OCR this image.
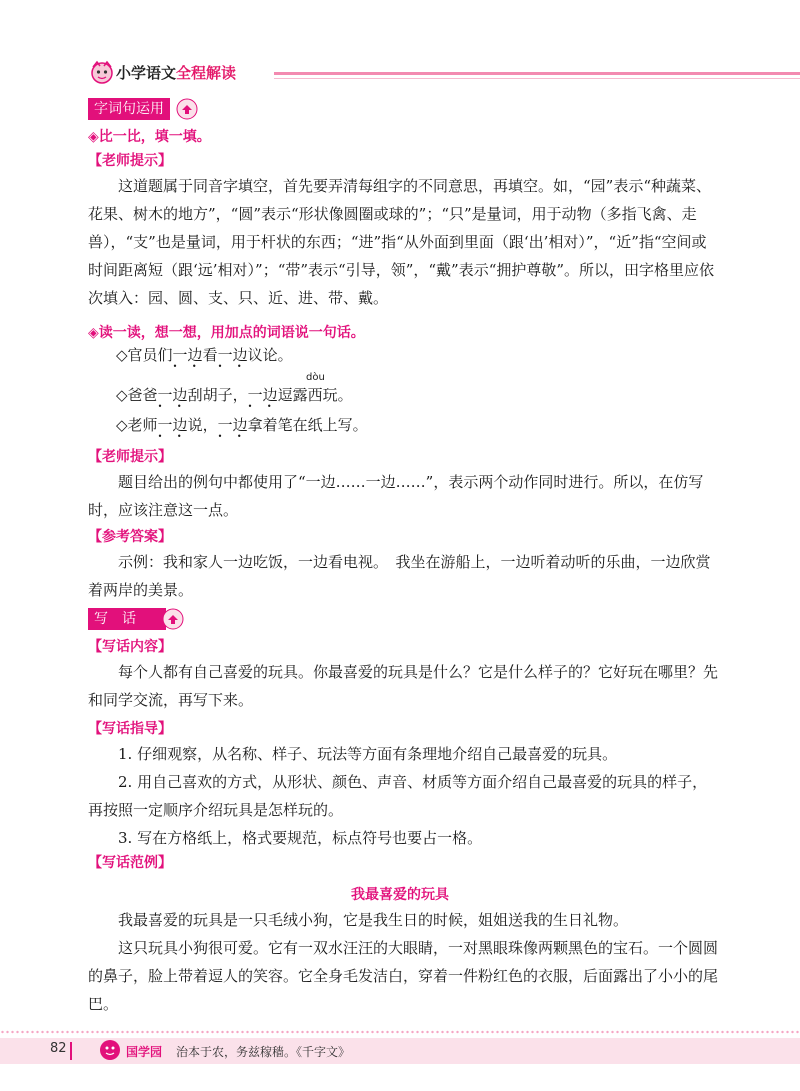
小学语文全程解读
字词句运用
◈比一比，填一填。
【老师提示】

这道题属于同音字填空，首先要弄清每组字的不同意思，再填空。如，“园”表示“种蔬菜、花果、树木的地方”，“圆”表示“形状像圆圈或球的”；“只”是量词，用于动物（多指飞禽、走兽），“支”也是量词，用于杆状的东西；“进”指“从外面到里面（跟‘出’相对）”，“近”指“空间或时间距离短（跟‘远’相对）”；“带”表示“引导，领”，“戴”表示“拥护尊敬”。所以，田字格里应依次填入：园、圆、支、只、近、进、带、戴。

◈读一读，想一想，用加点的词语说一句话。
◇官员们一边 • •看一边 • •议论。
dòu
◇爸爸一边 • •刮胡子，一边 • •逗露西玩。
◇老师一边 • •说，一边 • •拿着笔在纸上写。
【老师提示】

题目给出的例句中都使用了“一边……一边……”，表示两个动作同时进行。所以，在仿写时，应该注意这一点。

【参考答案】

示例：我和家人一边吃饭，一边看电视。　我坐在游船上，一边听着动听的乐曲，一边欣赏着两岸的美景。

写　话
【写话内容】

每个人都有自己喜爱的玩具。你最喜爱的玩具是什么？它是什么样子的？它好玩在哪里？先和同学交流，再写下来。

【写话指导】

1. 仔细观察，从名称、样子、玩法等方面有条理地介绍自己最喜爱的玩具。

2. 用自己喜欢的方式，从形状、颜色、声音、材质等方面介绍自己最喜爱的玩具的样子，再按照一定顺序介绍玩具是怎样玩的。

3. 写在方格纸上，格式要规范，标点符号也要占一格。

【写话范例】
我最喜爱的玩具

我最喜爱的玩具是一只毛绒小狗，它是我生日的时候，姐姐送我的生日礼物。

这只玩具小狗很可爱。它有一双水汪汪的大眼睛，一对黑眼珠像两颗黑色的宝石。一个圆圆的鼻子，脸上带着逗人的笑容。它全身毛发洁白，穿着一件粉红色的衣服，后面露出了小小的尾巴。

82	国学园 治本于农，务兹稼穑。《千字文》
